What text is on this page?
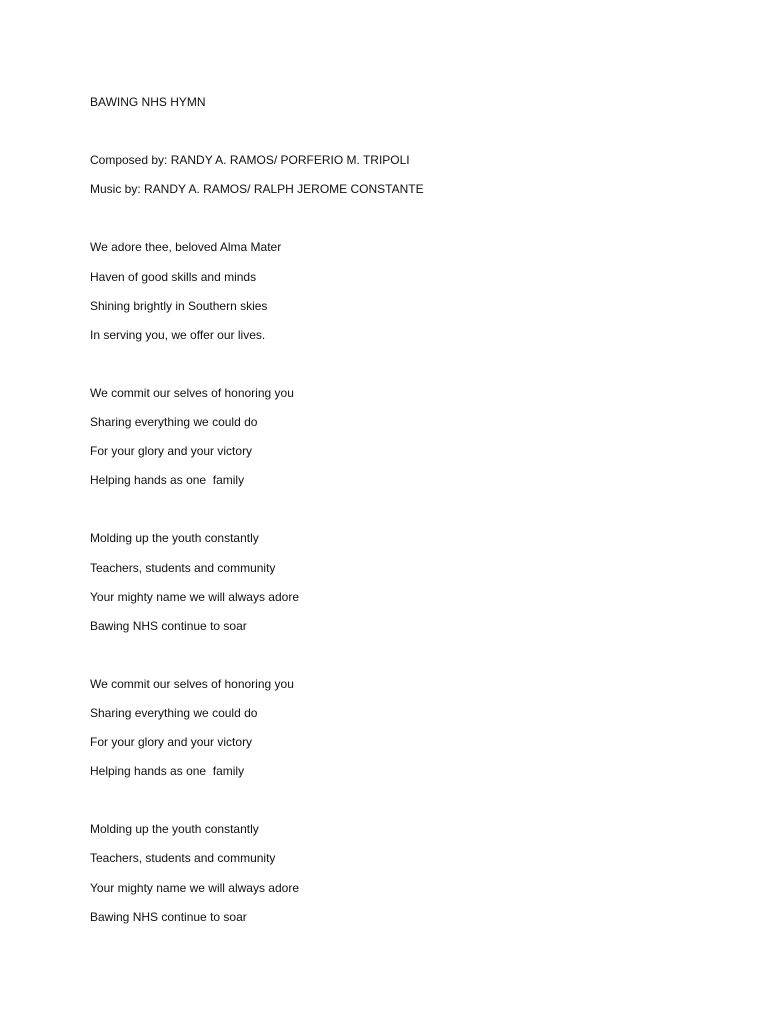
BAWING NHS HYMN
Composed by: RANDY A. RAMOS/ PORFERIO M. TRIPOLI
Music by: RANDY A. RAMOS/ RALPH JEROME CONSTANTE
We adore thee, beloved Alma Mater
Haven of good skills and minds
Shining brightly in Southern skies
In serving you, we offer our lives.
We commit our selves of honoring you
Sharing everything we could do
For your glory and your victory
Helping hands as one  family
Molding up the youth constantly
Teachers, students and community
Your mighty name we will always adore
Bawing NHS continue to soar
We commit our selves of honoring you
Sharing everything we could do
For your glory and your victory
Helping hands as one  family
Molding up the youth constantly
Teachers, students and community
Your mighty name we will always adore
Bawing NHS continue to soar
